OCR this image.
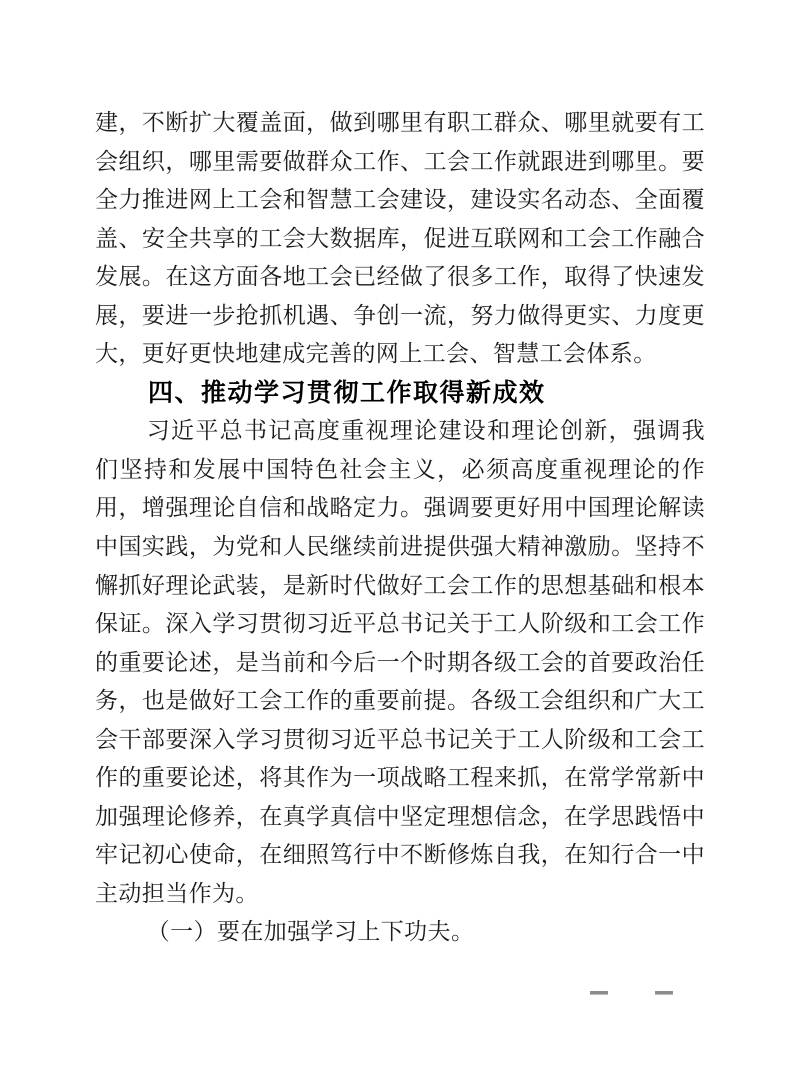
建，不断扩大覆盖面，做到哪里有职工群众、哪里就要有工会组织，哪里需要做群众工作、工会工作就跟进到哪里。要全力推进网上工会和智慧工会建设，建设实名动态、全面覆盖、安全共享的工会大数据库，促进互联网和工会工作融合发展。在这方面各地工会已经做了很多工作，取得了快速发展，要进一步抢抓机遇、争创一流，努力做得更实、力度更大，更好更快地建成完善的网上工会、智慧工会体系。

四、推动学习贯彻工作取得新成效

习近平总书记高度重视理论建设和理论创新，强调我们坚持和发展中国特色社会主义，必须高度重视理论的作用，增强理论自信和战略定力。强调要更好用中国理论解读中国实践，为党和人民继续前进提供强大精神激励。坚持不懈抓好理论武装，是新时代做好工会工作的思想基础和根本保证。深入学习贯彻习近平总书记关于工人阶级和工会工作的重要论述，是当前和今后一个时期各级工会的首要政治任务，也是做好工会工作的重要前提。各级工会组织和广大工会干部要深入学习贯彻习近平总书记关于工人阶级和工会工作的重要论述，将其作为一项战略工程来抓，在常学常新中加强理论修养，在真学真信中坚定理想信念，在学思践悟中牢记初心使命，在细照笃行中不断修炼自我，在知行合一中主动担当作为。

（一）要在加强学习上下功夫。
